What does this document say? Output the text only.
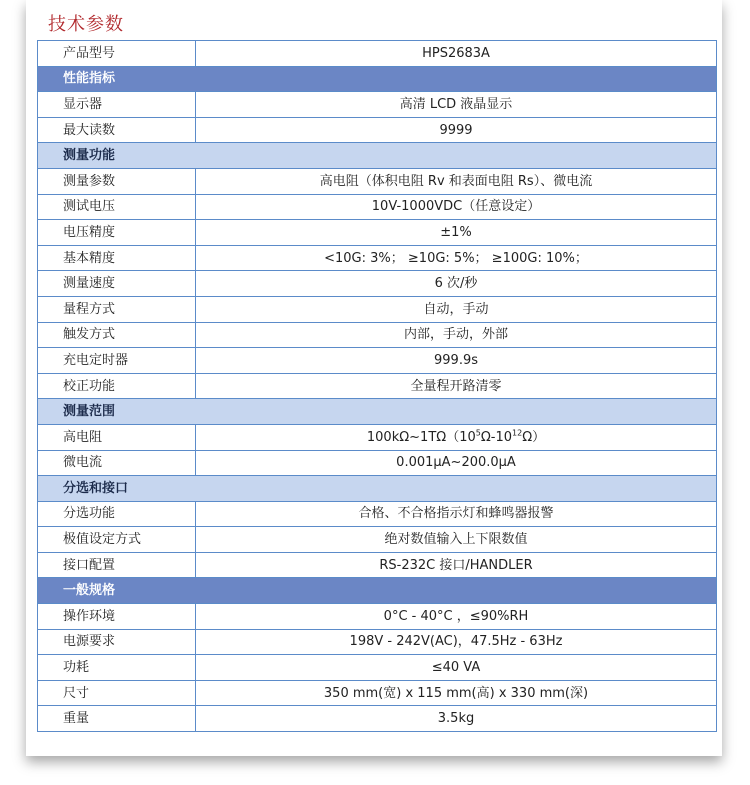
技术参数
产品型号	HPS2683A
性能指标	
显示器	高清 LCD 液晶显示
最大读数	9999
测量功能	
测量参数	高电阻（体积电阻 Rv 和表面电阻 Rs）、微电流
测试电压	10V-1000VDC（任意设定）
电压精度	±1%
基本精度	<10G: 3%； ≥10G: 5%； ≥100G: 10%；
测量速度	6 次/秒
量程方式	自动，手动
触发方式	内部，手动，外部
充电定时器	999.9s
校正功能	全量程开路清零
测量范围	
高电阻	$100k\Omega\sim 1T\Omega(10^5\Omega-10^{12}\Omega)$
微电流	0.001μA~200.0μA
分选和接口	
分选功能	合格、不合格指示灯和蜂鸣器报警
极值设定方式	绝对数值输入上下限数值
接口配置	RS-232C 接口/HANDLER
一般规格	
操作环境	0°C - 40°C ，≤90%RH
电源要求	198V - 242V(AC)，47.5Hz - 63Hz
功耗	≤40 VA
尺寸	350 mm(宽) x 115 mm(高) x 330 mm(深)
重量	3.5kg
